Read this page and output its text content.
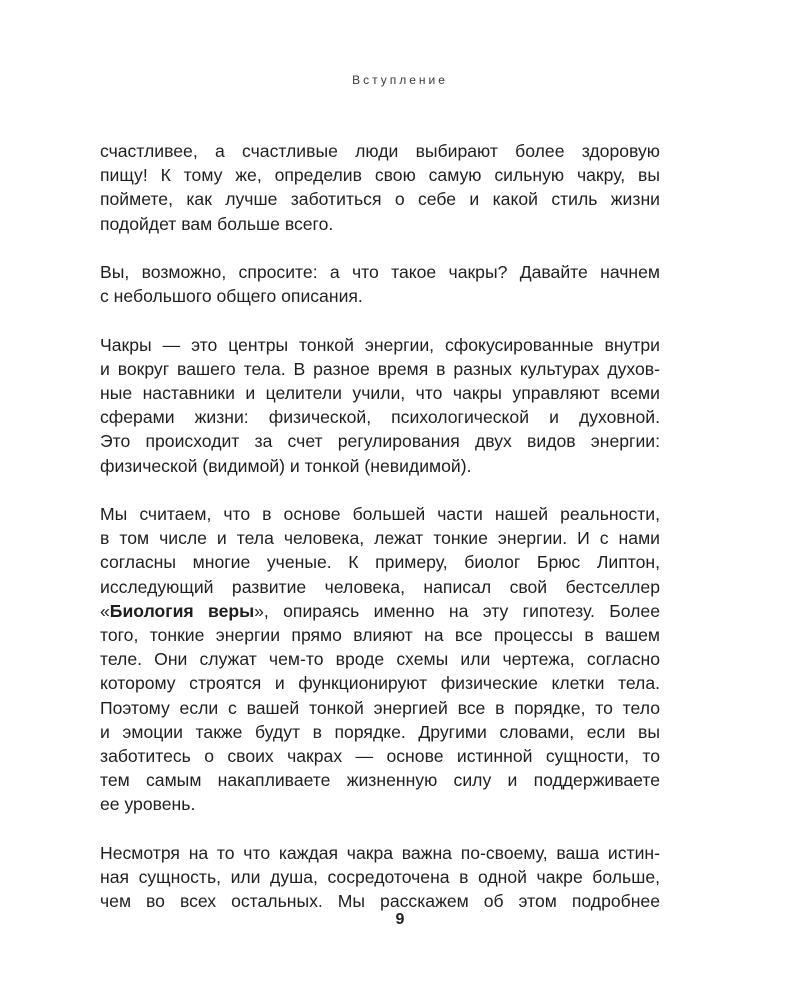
Вступление

счастливее, а счастливые люди выбирают более здоровую
пищу! К тому же, определив свою самую сильную чакру, вы
поймете, как лучше заботиться о себе и какой стиль жизни
подойдет вам больше всего.

Вы, возможно, спросите: а что такое чакры? Давайте начнем
с небольшого общего описания.

Чакры — это центры тонкой энергии, сфокусированные внутри
и вокруг вашего тела. В разное время в разных культурах духов-
ные наставники и целители учили, что чакры управляют всеми
сферами жизни: физической, психологической и духовной.
Это происходит за счет регулирования двух видов энергии:
физической (видимой) и тонкой (невидимой).

Мы считаем, что в основе большей части нашей реальности,
в том числе и тела человека, лежат тонкие энергии. И с нами
согласны многие ученые. К примеру, биолог Брюс Липтон,
исследующий развитие человека, написал свой бестселлер
«Биология веры», опираясь именно на эту гипотезу. Более
того, тонкие энергии прямо влияют на все процессы в вашем
теле. Они служат чем-то вроде схемы или чертежа, согласно
которому строятся и функционируют физические клетки тела.
Поэтому если с вашей тонкой энергией все в порядке, то тело
и эмоции также будут в порядке. Другими словами, если вы
заботитесь о своих чакрах — основе истинной сущности, то
тем самым накапливаете жизненную силу и поддерживаете
ее уровень.

Несмотря на то что каждая чакра важна по-своему, ваша истин-
ная сущность, или душа, сосредоточена в одной чакре больше,
чем во всех остальных. Мы расскажем об этом подробнее

9
